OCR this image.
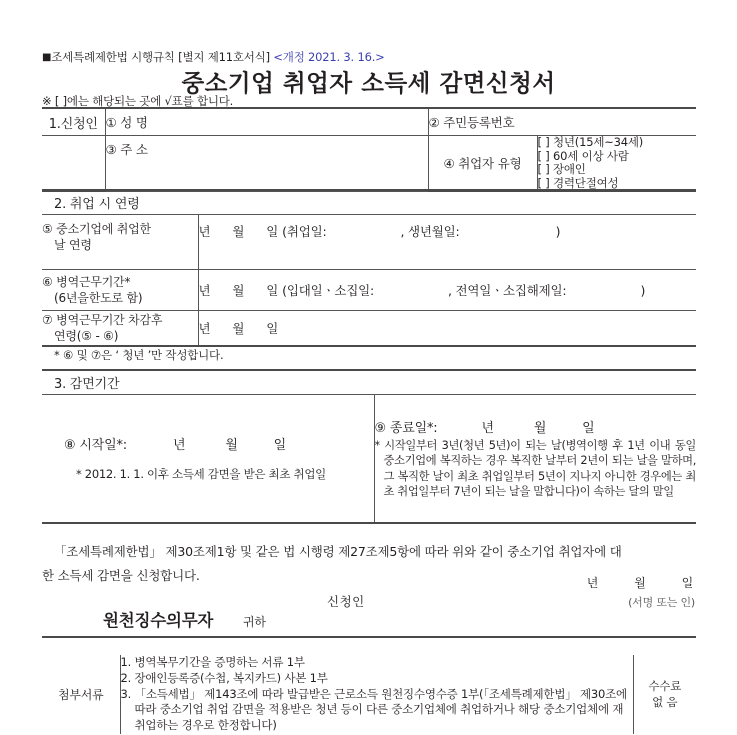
■조세특례제한법 시행규칙 [별지 제11호서식] <개정 2021. 3. 16.>
중소기업 취업자 소득세 감면신청서
※ [ ]에는 해당되는 곳에 √표를 합니다.
1.신청인	① 성 명	② 주민등록번호	
	③ 주 소	④ 취업자 유형	[ ] 청년(15세~34세)
[ ] 60세 이상 사람
[ ] 장애인
[ ] 경력단절여성

2. 취업 시 연령
⑤ 중소기업에 취업한
날 연령	년 월 일 (취업일: , 생년월일: )

⑥ 병역근무기간*
(6년을한도로 함)	년 월 일 (입대일ㆍ소집일: , 전역일ㆍ소집해제일: )

⑦ 병역근무기간 차감후
연령(⑤ - ⑥)	년 월 일
* ⑥ 및 ⑦은 ‘ 청년 ’만 작성합니다.
3. 감면기간
⑧ 시작일*:	년	월	일
* 2012. 1. 1. 이후 소득세 감면을 받은 최초 취업일

⑨ 종료일*:	년	월	일
* 시작일부터 3년(청년 5년)이 되는 날(병역이행 후 1년 이내 동일 중소기업에 복직하는 경우 복직한 날부터 2년이 되는 날을 말하며, 그 복직한 날이 최초 취업일부터 5년이 지나지 아니한 경우에는 최초 취업일부터 7년이 되는 날을 말합니다)이 속하는 달의 말일
「조세특례제한법」 제30조제1항 및 같은 법 시행령 제27조제5항에 따라 위와 같이 중소기업 취업자에 대
한 소득세 감면을 신청합니다.	년	월	일
신청인	(서명 또는 인)
원천징수의무자 귀하
첨부서류	
1. 병역복무기간을 증명하는 서류 1부
2. 장애인등록증(수첩, 복지카드) 사본 1부
3. 「소득세법」 제143조에 따라 발급받은 근로소득 원천징수영수증 1부(「조세특례제한법」 제30조에 따라 중소기업 취업 감면을 적용받은 청년 등이 다른 중소기업체에 취업하거나 해당 중소기업체에 재취업하는 경우로 한정합니다)

수수료
없 음
